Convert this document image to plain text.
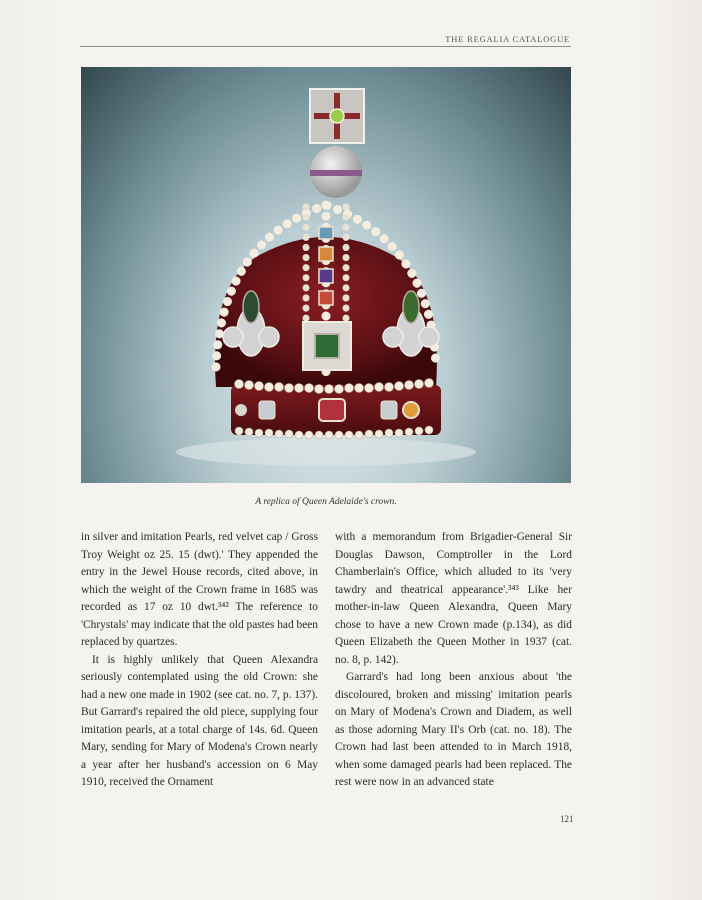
THE REGALIA CATALOGUE
A replica of Queen Adelaide's crown.

in silver and imitation Pearls, red velvet cap / Gross Troy Weight oz 25. 15 (dwt).' They appended the entry in the Jewel House records, cited above, in which the weight of the Crown frame in 1685 was recorded as 17 oz 10 dwt.³⁴² The reference to 'Chrystals' may indicate that the old pastes had been replaced by quartzes.

It is highly unlikely that Queen Alexandra seriously contemplated using the old Crown: she had a new one made in 1902 (see cat. no. 7, p. 137). But Garrard's repaired the old piece, supplying four imitation pearls, at a total charge of 14s. 6d. Queen Mary, sending for Mary of Modena's Crown nearly a year after her husband's accession on 6 May 1910, received the Ornament

with a memorandum from Brigadier-General Sir Douglas Dawson, Comptroller in the Lord Chamberlain's Office, which alluded to its 'very tawdry and theatrical appearance'.³⁴³ Like her mother-in-law Queen Alexandra, Queen Mary chose to have a new Crown made (p.134), as did Queen Elizabeth the Queen Mother in 1937 (cat. no. 8, p. 142).

Garrard's had long been anxious about 'the discoloured, broken and missing' imitation pearls on Mary of Modena's Crown and Diadem, as well as those adorning Mary II's Orb (cat. no. 18). The Crown had last been attended to in March 1918, when some damaged pearls had been replaced. The rest were now in an advanced state

121
